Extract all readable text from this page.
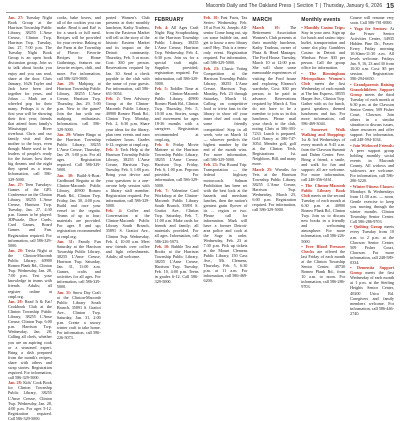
Macomb Daily and The Oakland Press | Section T | Thursday, January 6, 2026 15

Jan. 27: Tuesday Night Book Group at the Harrison Township Public Library, 38255 L'Anse Creuse, Clinton Twp. Harrison Twp. Tuesday, Jan. 27, 7:00 p.m. The Tuesday Night Book Group is an open book discussion group. Join us to talk about books you enjoy and you can read, share at the door. Chris January, 1626 Tayler and Jack have been tied together for years, and Johan ... Mark are a wheeled pop for their many. Perhaps it is the first year will be showing their first year; friends that attend from family's Mississippi River riverboat. Chris and our family visit and then mother to the boys, even though Marie used to be leaders of people's ready for the future, how their big dreams and the night they spend as a team. Information, call 586-329-5000.

Jan. 27: Teen Tuesdays: Games of the GPL Conference on the Clinton Library, 38255 L'Anse Creuse, Harrison Twp. Tuesday, Jan. 27, 4:30 p.m. Games to be played: 3DPuzzle, Dice Cards, Card Games, Board Games and Fun. Registration required. For information, call 586-329-5000.

Jan. 28: Trivia Night at the Clinton-Macomb Public Library, 40900 Romeo Plank Rd., Clinton Twp. Wednesday, Jan. 28, 7:00 p.m. Test your knowledge in teams with friends. Adults; all register online at cmpl.org.

Jan. 28: Read It & Eat! Cookbook Club at the Clinton Township Public Library, 38255 L'Anse Creuse, Clinton Twp. 6:00 p.m. Harrison Twp. Wednesday, Jan. 28, Calling all chefs, whether you are an aspiring cook or a seasoned expert. Bring a dish prepared from the month's recipes, share with others and swap stories. Registration required. For information, call 586-329-5000.

Jan. 28: Kids' Cook Book for Clinton Township Public Library, 38255 L'Anse Creuse, Clinton Twp. Wednesday, Jan. 28, 4:00 p.m. For ages 5-12. Registration required. Call 586-329-5000.

cooks, bake lovers, and all of the cookies you can make. Read it and Eat! is for a snack or full meal. Recipes will be provided for your review. Baking at the Farm at the Township of Flavor: Favorite Recipes for Home Gatherings, features our favorite recipes, chili, and more. For information, call 586-329-5000.

Jan. 29: Mahjong at Harrison Township Public Library, 38255 L'Anse Creuse, Harrison Twp. Thursday, Jan. 29, 5:00 p.m. New to the game? Join the fun with our mahjong enthusiasts. Information, call 586-329-5000.

Jan. 29: Winter Bingo at the Harrison Township Public Library, 38255 L'Anse Creuse, Thursday, Jan. 29. 3:00 p.m. For all ages. Registration required. Call 586-329-5000.

Jan. 30: Build-A-Boat: Cardboard Regatta at the Clinton-Macomb Public Library, 40900 Romeo Plank Rd., Clinton Twp. Friday, Jan. 30, 4:00 p.m. Build and race your vessel in the regatta. Teams of up to four; materials are provided. For ages 8 and up; registration recommended at cmpl.org.

Jan. 31: Family Fun Saturday at the Harrison Township Public Library, 38255 L'Anse Creuse, Harrison Twp. Saturday, Jan. 31, 11:00 a.m. Games, crafts and activities for all ages. For information, call 586-329-5000.

Jan. 31: Snow Day Craft at the Clinton-Macomb Public Library South Branch, 35891 S. Gratiot Ave., Clinton Twp. Saturday, Jan. 31, 2:00 p.m. Create a snowy winter craft to take home. For information, call 586-226-5073.

ported Women's Club presents at their monthly luncheon, Kathy Trudeau, from the Eastown Market will tell us the story of the historic Eastern Market and its impact on the Detroit community. Thursday, Feb. 5 at noon. Cost: $30 per person. Reservations required by Jan. 30. Send a check payable to the club with the name of your guests. For information, call 586-651-5054.

Feb. 2: Teen Advisory Group at the Clinton-Macomb Public Library, 40900 Romeo Plank Rd., Clinton Twp. Monday, Feb. 2, 6:30 p.m. Share your ideas for the library, plan teen events and earn volunteer hours. Grades 6-12; register at cmpl.org.

Feb. 3: Tech Help at the Harrison Township Public Library, 38255 L'Anse Creuse, Harrison Twp. Tuesday, Feb. 3, 1:00 p.m. Bring your device and your questions to a one-on-one help session with a library staff member. Registration required. For information, call 586-329-5000.

Feb. 4: Coffee and Conversation at the Clinton-Macomb Public Library South Branch, 35891 S. Gratiot Ave., Clinton Twp. Wednesday, Feb. 4, 10:00 a.m. Meet new friends over coffee and light refreshments. Adults; all welcome.

FEBRUARY

Feb. 4: All Ages Craft Night: Bag Scrapbooking at the Harrison Township Public Library, 38255 L'Anse Creuse, Harrison Twp. Wednesday, Feb. 4, 6:30 p.m. Join us for a special craft night. Supplies provided; registration required. For information, call 586-329-5000.

Feb. 5: Toddler Time at the Clinton-Macomb Public Library, 40900 Romeo Plank Rd., Clinton Twp. Thursday, Feb. 5, 10:30 a.m. Stories, songs and movement for ages 18-36 months with a caregiver. Registration recommended at cmpl.org.

Feb. 6: Friday Movie Matinee at the Harrison Township Public Library, 38255 L'Anse Creuse, Harrison Twp. Friday, Feb. 6, 1:00 p.m. Popcorn provided. For information, call 586-329-5000.

Feb. 7: Valentine Card Workshop at the Clinton-Macomb Public Library South Branch, 35891 S. Gratiot Ave., Clinton Twp. Saturday, Feb. 7, 11:00 a.m. Make cards for friends and family; all materials provided. For all ages. Information, call 586-226-5073.

Feb. 10: Bubble Tea and Books at the Harrison Township Public Library, 38255 L'Anse Creuse, Harrison Twp. Tuesday, Feb. 10, 4:00 p.m. Teens in grades 6-12. Call 586-329-5000.

Feb. 10: Fast Facts, Tax Series: Wednesday, Feb. 18 at Fort St. Joseph; All-senior Come hang out, sip on some bubble tea, and get to know a new library card! Hey. This is a teens-only event. Registration required. For information, call 586-329-5000.

Feb. 23: Classic Voting Competition at the Harrison Township Public Library, 38255 L'Anse Creuse, Harrison Twp. Monday, Feb. 23 through Saturday, March 14. Calling on competitive food or trivia fans in the library to show off your inner chef and cook up some friendly competition! Stop in all week, vote on March 14 — whoever predicts the highest number by the end of the month wins. For more information, call 586-329-5000.

Feb. 23: Pax Round Trip: Transportation — the federal highway motorcoach. Salmon Prohibition has been set with the best look at the hazards and merchant lunches, then the nation's greatest grain flyover of its ... region or two. Please call for information. Mark will have a former Detroit-area police and cook at the Sage in order. Wednesday, Feb. 23 at 7:30 p.m. Pick up tickets at the Mount Clemens Public Library, 150 Cass Ave., Mt. Clemens, Thursday, Feb. 5, 6:30 p.m. at 11 a.m. For information, call 586-469-6200.

MARCH

March 10: The Retirement Association Women's Club presents at their monthly luncheon, Kathy Trudeau, owner of Plaza & Head Manager, The Ford House. Tuesday, March 10 at 12:00 p.m. She will share some memorable experiences of visiting the Ford house and exploring Eleanor's wardrobe, Cost: $30 per person, to be paid in advance. Reservations required by March 4. You do not have to be a member to join us in this luncheon. Please mail your check to the club, noting Chris at 586-303-7233. Lunch is prepared. Golf Nancy at 586-747-3054. Mendez golf, golf at the Clinton Tech, Registrations 1st. Neighbors, Bill, and many more.

March 25: Wreaths for Vets at the Harrison Township Public Library, 38255 L'Anse Creuse, Harrison Twp. Wednesday, March 25, 6:00 p.m. Registration required. For information, call 586-329-5000.

Monthly events

• Monthly Casino Trips: Stay in your area. Sign up for lunch and casino trips: buffet, transportation and some slot play. Gamblers Casino in Detroit and Windsor. Price: $35 per person. Call the group office for information.

• The Birmingham Metropolitan Women's Club meets the first Wednesday of each month at The Inn Express, 38555 Harper Ave., Clinton Twp. Gather with us for lunch, guest speakers, themed luncheons and fun. For more information, call 586-469-3044.

• Somerset Walk Walking and Shopping: 1st & 3rd Wednesdays of every month at 9:45 a.m. from the Clawson Summit and Dahm Center. Free. Bring a friend, a smile, and walk for fun and support; all are welcome. For more information, call 248-356-6161.

• The Clinton-Macomb Public Library Book Club meets on the second Tuesday of each month at 6:30 p.m. at 40900 Romeo Plank Rd., Clinton Twp. Join us to discuss new books in a friendly and welcoming atmosphere. For more information, call 586-226-5000.

• Free Blood Pressure Checks are offered the last Friday of each month at the Clinton Township Senior Center, 40730 Romeo Plank Rd., from 10 a.m. to noon. For information, call 586-286-9703.

Course will resume very soon. Call 586-781-0000.

• Yoga for Seniors: At the Fraser Senior Activities Center, 34935 Hidden Pine Dr., Fraser. Every Friday morning 10:30am-11:30 a.m. All levels welcome. Fridays Jan. 9, 16, 23 and 30 from 10:30 a.m. Cost: $5 per session. Registration: 586-294-6650.

• Grandparents Raising Grandchildren Support Group meets the third Tuesday of each month at 6:30 p.m. at the Clawson Senior Center, 509 Fisher Court, Clawson. Join others in a similar situation to discuss issues, share resources and offer support. For information, call 248-594-1034.

• Join Widowed Friends: A peer support group holding monthly social events in Macomb County. All widows and widowers are welcome. For information, call 586-286-5220.

• Winter Fitness Classes: Mondays & Wednesdays from 11:30 a.m. — noon. Gentle exercise to keep you moving through the winter months. Clinton Township Senior Center. Call 586-286-9703.

• Quilting Group meets every Tuesday from 10 a.m. to 2 p.m. at the Clawson Senior Center, 509 Fisher Court, Clawson. For more information, call 248-589-0334.

• Dementia Support Group meets the first Wednesday of each month at 1 p.m. at the Sterling Heights Senior Center, 40200 Utica Rd. Caregivers and family members welcome. For information, call 586-446-2740.
